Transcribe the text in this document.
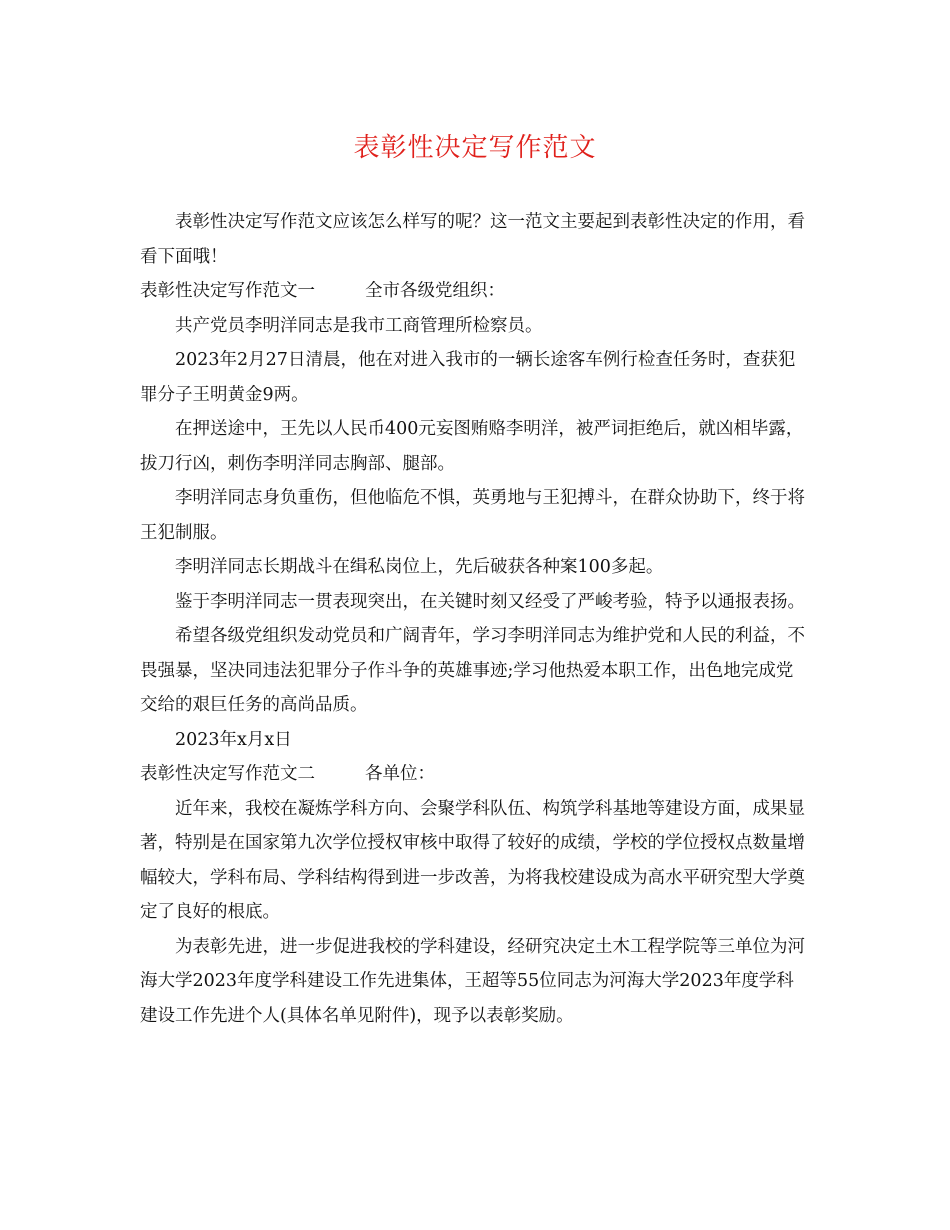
表彰性决定写作范文

表彰性决定写作范文应该怎么样写的呢？这一范文主要起到表彰性决定的作用，看看下面哦！

表彰性决定写作范文一	全市各级党组织：

共产党员李明洋同志是我市工商管理所检察员。

2023年2月27日清晨，他在对进入我市的一辆长途客车例行检查任务时，查获犯罪分子王明黄金9两。

在押送途中，王先以人民币400元妄图贿赂李明洋，被严词拒绝后，就凶相毕露，拔刀行凶，刺伤李明洋同志胸部、腿部。

李明洋同志身负重伤，但他临危不惧，英勇地与王犯搏斗，在群众协助下，终于将王犯制服。

李明洋同志长期战斗在缉私岗位上，先后破获各种案100多起。

鉴于李明洋同志一贯表现突出，在关键时刻又经受了严峻考验，特予以通报表扬。

希望各级党组织发动党员和广阔青年，学习李明洋同志为维护党和人民的利益，不畏强暴，坚决同违法犯罪分子作斗争的英雄事迹;学习他热爱本职工作，出色地完成党交给的艰巨任务的高尚品质。

2023年x月x日

表彰性决定写作范文二	各单位：

近年来，我校在凝炼学科方向、会聚学科队伍、构筑学科基地等建设方面，成果显著，特别是在国家第九次学位授权审核中取得了较好的成绩，学校的学位授权点数量增幅较大，学科布局、学科结构得到进一步改善，为将我校建设成为高水平研究型大学奠定了良好的根底。

为表彰先进，进一步促进我校的学科建设，经研究决定土木工程学院等三单位为河海大学2023年度学科建设工作先进集体，王超等55位同志为河海大学2023年度学科建设工作先进个人(具体名单见附件)，现予以表彰奖励。
